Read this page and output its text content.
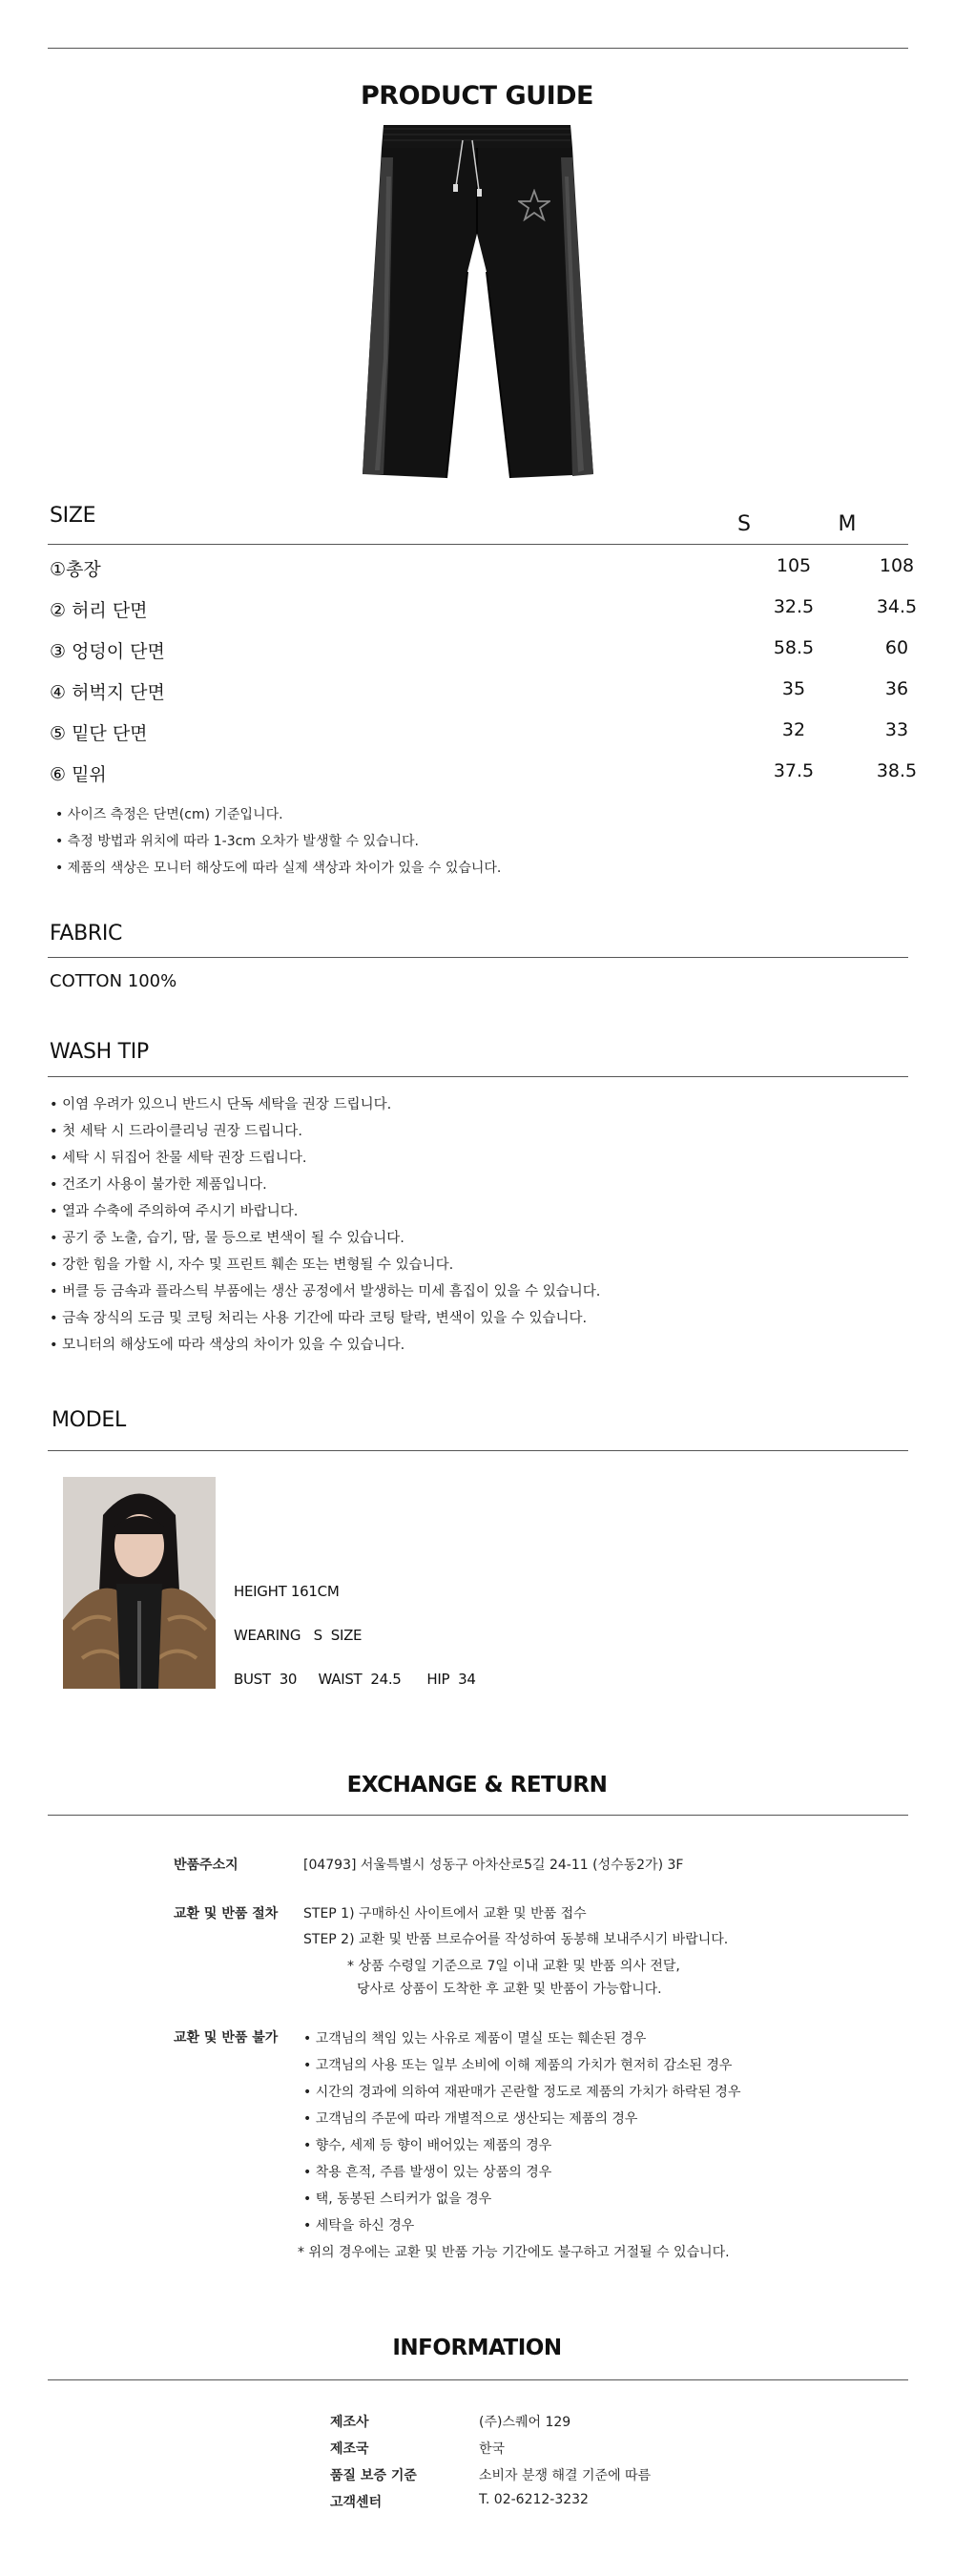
PRODUCT GUIDE
SIZE	S	M
①총장	105	108
② 허리 단면	32.5	34.5
③ 엉덩이 단면	58.5	60
④ 허벅지 단면	35	36
⑤ 밑단 단면	32	33
⑥ 밑위	37.5	38.5
• 사이즈 측정은 단면(cm) 기준입니다.
• 측정 방법과 위치에 따라 1-3cm 오차가 발생할 수 있습니다.
• 제품의 색상은 모니터 해상도에 따라 실제 색상과 차이가 있을 수 있습니다.
FABRIC
COTTON 100%
WASH TIP
• 이염 우려가 있으니 반드시 단독 세탁을 권장 드립니다.
• 첫 세탁 시 드라이클리닝 권장 드립니다.
• 세탁 시 뒤집어 찬물 세탁 권장 드립니다.
• 건조기 사용이 불가한 제품입니다.
• 열과 수축에 주의하여 주시기 바랍니다.
• 공기 중 노출, 습기, 땀, 물 등으로 변색이 될 수 있습니다.
• 강한 힘을 가할 시, 자수 및 프린트 훼손 또는 변형될 수 있습니다.
• 버클 등 금속과 플라스틱 부품에는 생산 공정에서 발생하는 미세 흠집이 있을 수 있습니다.
• 금속 장식의 도금 및 코팅 처리는 사용 기간에 따라 코팅 탈락, 변색이 있을 수 있습니다.
• 모니터의 해상도에 따라 색상의 차이가 있을 수 있습니다.
MODEL
HEIGHT 161CM
WEARING   S  SIZE
BUST  30     WAIST  24.5      HIP  34
EXCHANGE & RETURN
반품주소지	[04793] 서울특별시 성동구 아차산로5길 24-11 (성수동2가) 3F
교환 및 반품 절차 STEP 1) 구매하신 사이트에서 교환 및 반품 접수
STEP 2) 교환 및 반품 브로슈어를 작성하여 동봉해 보내주시기 바랍니다.
* 상품 수령일 기준으로 7일 이내 교환 및 반품 의사 전달,
당사로 상품이 도착한 후 교환 및 반품이 가능합니다.
교환 및 반품 불가 • 고객님의 책임 있는 사유로 제품이 멸실 또는 훼손된 경우
• 고객님의 사용 또는 일부 소비에 이해 제품의 가치가 현저히 감소된 경우
• 시간의 경과에 의하여 재판매가 곤란할 정도로 제품의 가치가 하락된 경우
• 고객님의 주문에 따라 개별적으로 생산되는 제품의 경우
• 향수, 세제 등 향이 배어있는 제품의 경우
• 착용 흔적, 주름 발생이 있는 상품의 경우
• 택, 동봉된 스티커가 없을 경우
• 세탁을 하신 경우
* 위의 경우에는 교환 및 반품 가능 기간에도 불구하고 거절될 수 있습니다.
INFORMATION
제조사	(주)스퀘어 129
제조국	한국
품질 보증 기준	소비자 분쟁 해결 기준에 따름
고객센터	T. 02-6212-3232
